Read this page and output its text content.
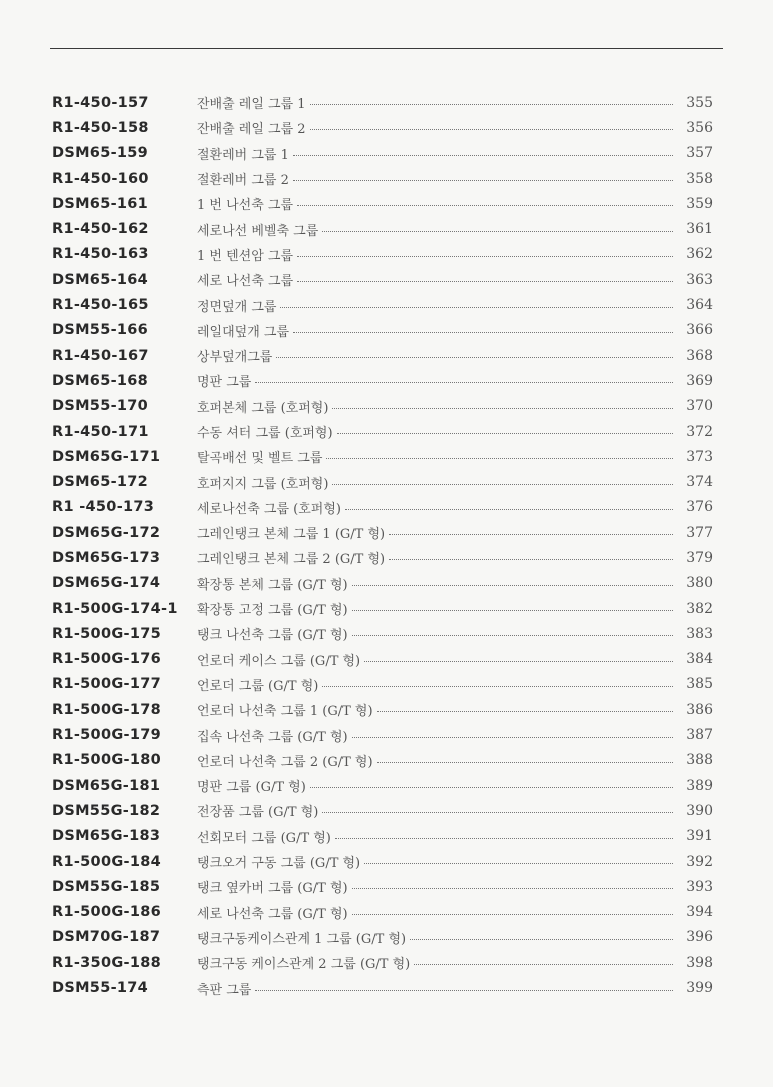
R1-450-157	잔배출 레일 그룹 1	355
R1-450-158	잔배출 레일 그룹 2	356
DSM65-159	절환레버 그룹 1	357
R1-450-160	절환레버 그룹 2	358
DSM65-161	1 번 나선축 그룹	359
R1-450-162	세로나선 베벨축 그룹	361
R1-450-163	1 번 텐션암 그룹	362
DSM65-164	세로 나선축 그룹	363
R1-450-165	정면덮개 그룹	364
DSM55-166	레일대덮개 그룹	366
R1-450-167	상부덮개그룹	368
DSM65-168	명판 그룹	369
DSM55-170	호퍼본체 그룹 (호퍼형)	370
R1-450-171	수동 셔터 그룹 (호퍼형)	372
DSM65G-171	탈곡배선 및 벨트 그룹	373
DSM65-172	호퍼지지 그룹 (호퍼형)	374
R1 -450-173	세로나선축 그룹 (호퍼형)	376
DSM65G-172	그레인탱크 본체 그룹 1 (G/T 형)	377
DSM65G-173	그레인탱크 본체 그룹 2 (G/T 형)	379
DSM65G-174	확장통 본체 그룹 (G/T 형)	380
R1-500G-174-1	확장통 고정 그룹 (G/T 형)	382
R1-500G-175	탱크 나선축 그룹 (G/T 형)	383
R1-500G-176	언로더 케이스 그룹 (G/T 형)	384
R1-500G-177	언로더 그룹 (G/T 형)	385
R1-500G-178	언로더 나선축 그룹 1 (G/T 형)	386
R1-500G-179	집속 나선축 그룹 (G/T 형)	387
R1-500G-180	언로더 나선축 그룹 2 (G/T 형)	388
DSM65G-181	명판 그룹 (G/T 형)	389
DSM55G-182	전장품 그룹 (G/T 형)	390
DSM65G-183	선회모터 그룹 (G/T 형)	391
R1-500G-184	탱크오거 구동 그룹 (G/T 형)	392
DSM55G-185	탱크 옆카버 그룹 (G/T 형)	393
R1-500G-186	세로 나선축 그룹 (G/T 형)	394
DSM70G-187	탱크구동케이스관계 1 그룹 (G/T 형)	396
R1-350G-188	탱크구동 케이스관계 2 그룹 (G/T 형)	398
DSM55-174	측판 그룹	399
